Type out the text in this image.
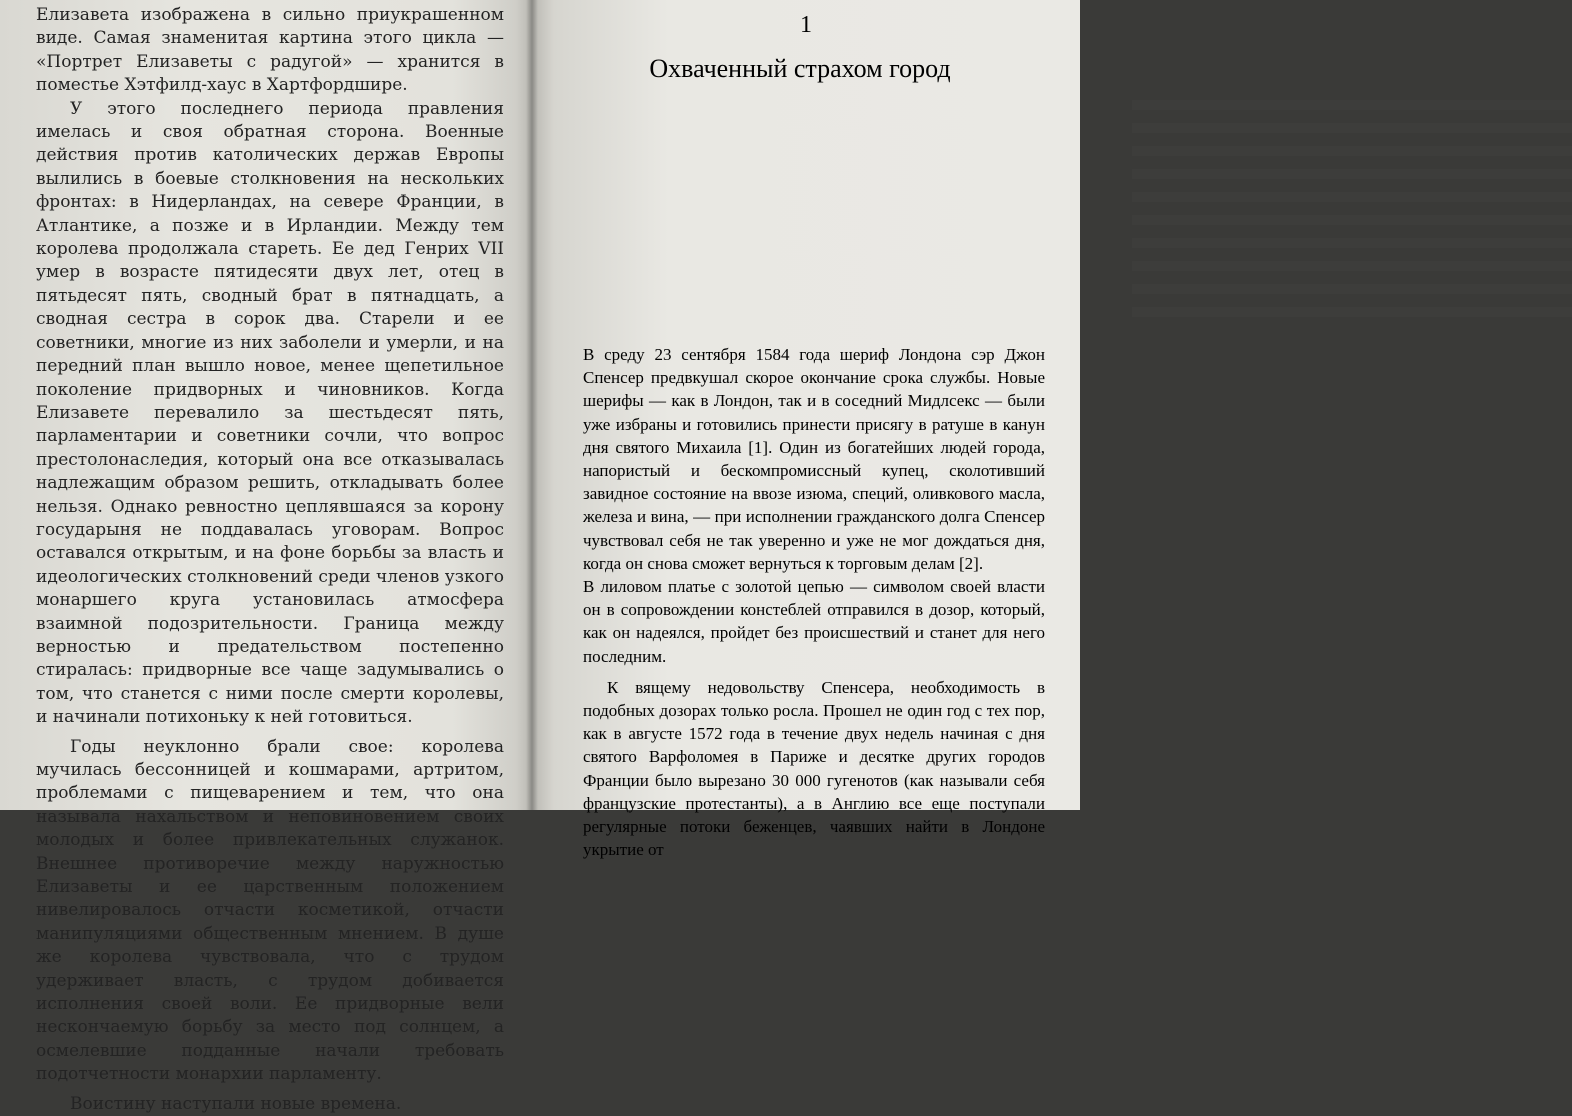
Елизавета изображена в сильно приукрашенном виде. Самая знаменитая картина этого цикла — «Портрет Елизаветы с радугой» — хранится в поместье Хэтфилд-хаус в Хартфордшире.

У этого последнего периода правления имелась и своя обратная сторона. Военные действия против католических держав Европы вылились в боевые столкновения на нескольких фронтах: в Нидерландах, на севере Франции, в Атлантике, а позже и в Ирландии. Между тем королева продолжала стареть. Ее дед Генрих VII умер в возрасте пятидесяти двух лет, отец в пятьдесят пять, сводный брат в пятнадцать, а сводная сестра в сорок два. Старели и ее советники, многие из них заболели и умерли, и на передний план вышло новое, менее щепетильное поколение придворных и чиновников. Когда Елизавете перевалило за шестьдесят пять, парламентарии и советники сочли, что вопрос престолонаследия, который она все отказывалась надлежащим образом решить, откладывать более нельзя. Однако ревностно цеплявшаяся за корону государыня не поддавалась уговорам. Вопрос оставался открытым, и на фоне борьбы за власть и идеологических столкновений среди членов узкого монаршего круга установилась атмосфера взаимной подозрительности. Граница между верностью и предательством постепенно стиралась: придворные все чаще задумывались о том, что станется с ними после смерти королевы, и начинали потихоньку к ней готовиться.

Годы неуклонно брали свое: королева мучилась бессонницей и кошмарами, артритом, проблемами с пищеварением и тем, что она называла нахальством и неповиновением своих молодых и более привлекательных служанок. Внешнее противоречие между наружностью Елизаветы и ее царственным положением нивелировалось отчасти косметикой, отчасти манипуляциями общественным мнением. В душе же королева чувствовала, что с трудом удерживает власть, с трудом добивается исполнения своей воли. Ее придворные вели нескончаемую борьбу за место под солнцем, а осмелевшие подданные начали требовать подотчетности монархии парламенту.

Воистину наступали новые времена.

1
Охваченный страхом город

В среду 23 сентября 1584 года шериф Лондона сэр Джон Спенсер предвкушал скорое окончание срока службы. Новые шерифы — как в Лондон, так и в соседний Мидлсекс — были уже избраны и готовились принести присягу в ратуше в канун дня святого Михаила [1]. Один из богатейших людей города, напористый и бескомпромиссный купец, сколотивший завидное состояние на ввозе изюма, специй, оливкового масла, железа и вина, — при исполнении гражданского долга Спенсер чувствовал себя не так уверенно и уже не мог дождаться дня, когда он снова сможет вернуться к торговым делам [2].

В лиловом платье с золотой цепью — символом своей власти он в сопровождении констеблей отправился в дозор, который, как он надеялся, пройдет без происшествий и станет для него последним.

К вящему недовольству Спенсера, необходимость в подобных дозорах только росла. Прошел не один год с тех пор, как в августе 1572 года в течение двух недель начиная с дня святого Варфоломея в Париже и десятке других городов Франции было вырезано 30 000 гугенотов (как называли себя французские протестанты), а в Англию все еще поступали регулярные потоки беженцев, чаявших найти в Лондоне укрытие от
